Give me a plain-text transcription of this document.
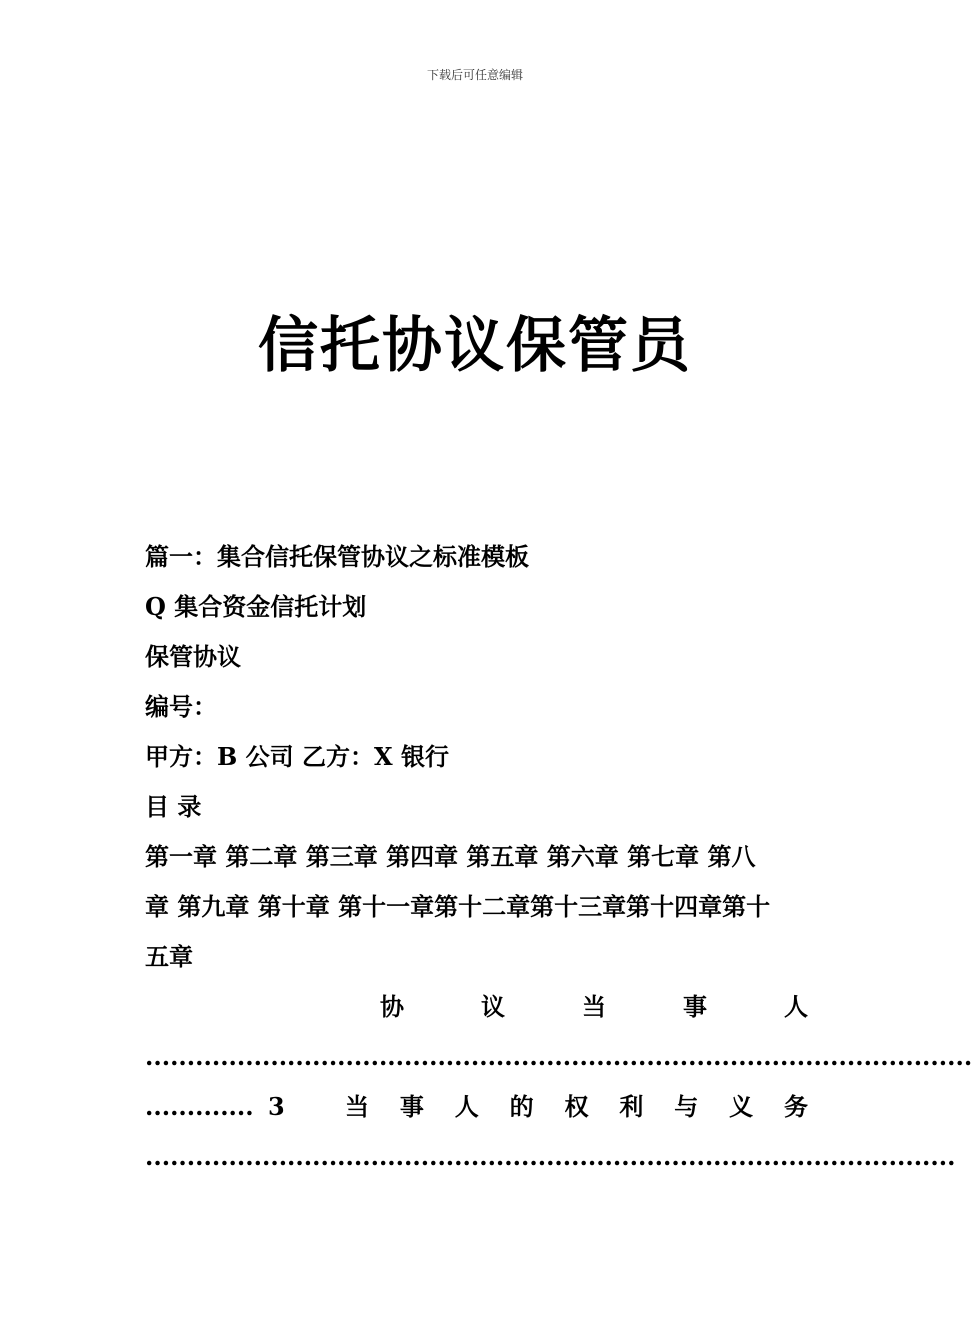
下载后可任意编辑
信托协议保管员
篇一：集合信托保管协议之标准模板
Q 集合资金信托计划
保管协议
编号：
甲方：B 公司 乙方：X 银行
目 录
第一章 第二章 第三章 第四章 第五章 第六章 第七章 第八
章 第九章 第十章 第十一章第十二章第十三章第十四章第十
五章
协	议	当	事	人
...................................................................................................
............. 3	当 事 人 的 权 利 与 义 务
.................................................................................................
